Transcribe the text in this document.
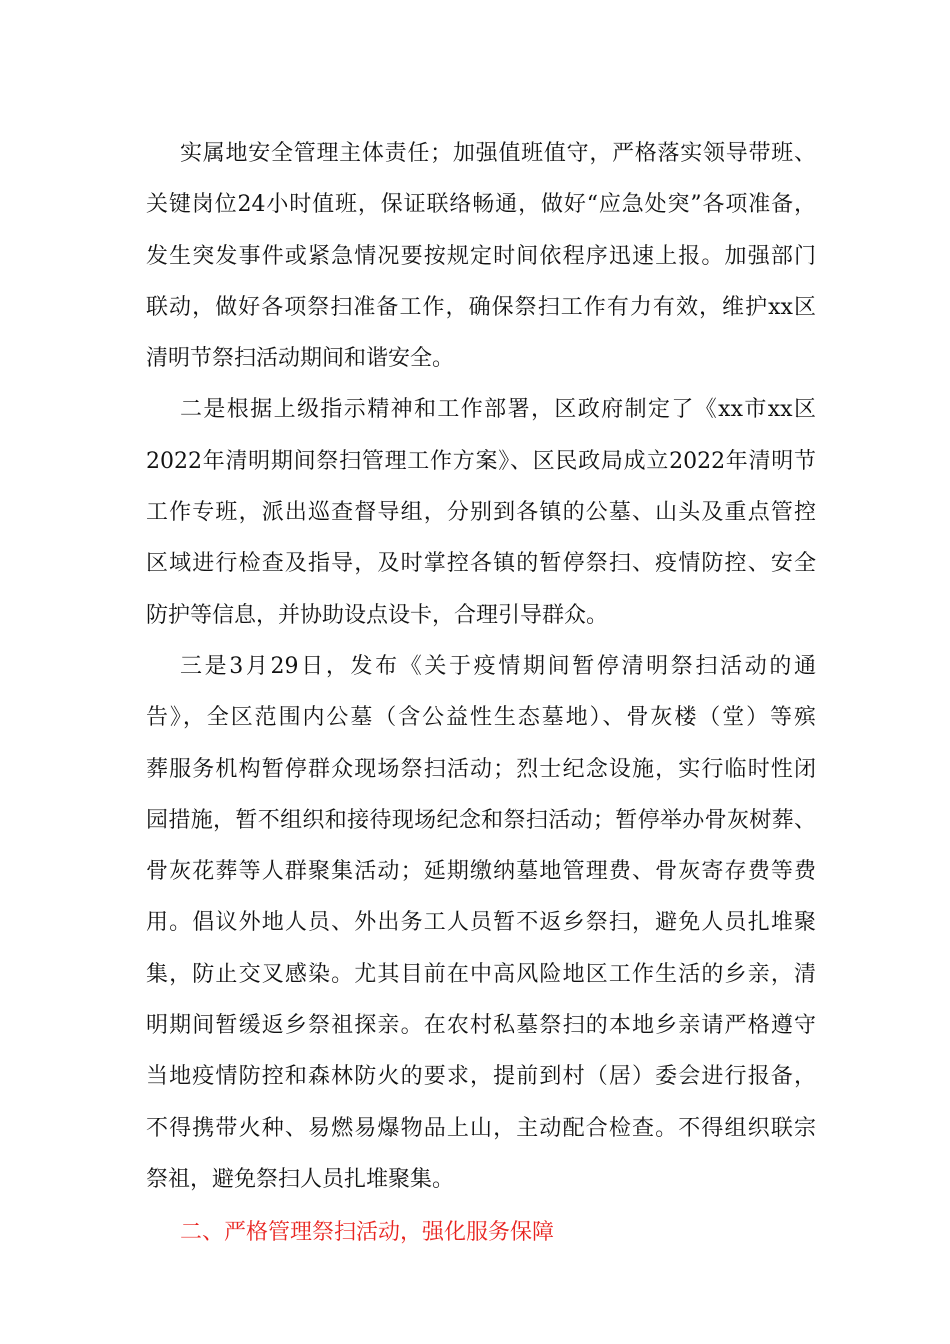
实属地安全管理主体责任；加强值班值守，严格落实领导带班、
关键岗位24小时值班，保证联络畅通，做好“应急处突”各项准备，
发生突发事件或紧急情况要按规定时间依程序迅速上报。加强部门
联动，做好各项祭扫准备工作，确保祭扫工作有力有效，维护xx区
清明节祭扫活动期间和谐安全。
二是根据上级指示精神和工作部署，区政府制定了《xx市xx区
2022年清明期间祭扫管理工作方案》、区民政局成立2022年清明节
工作专班，派出巡查督导组，分别到各镇的公墓、山头及重点管控
区域进行检查及指导，及时掌控各镇的暂停祭扫、疫情防控、安全
防护等信息，并协助设点设卡，合理引导群众。
三是3月29日，发布《关于疫情期间暂停清明祭扫活动的通
告》，全区范围内公墓（含公益性生态墓地）、骨灰楼（堂）等殡
葬服务机构暂停群众现场祭扫活动；烈士纪念设施，实行临时性闭
园措施，暂不组织和接待现场纪念和祭扫活动；暂停举办骨灰树葬、
骨灰花葬等人群聚集活动；延期缴纳墓地管理费、骨灰寄存费等费
用。倡议外地人员、外出务工人员暂不返乡祭扫，避免人员扎堆聚
集，防止交叉感染。尤其目前在中高风险地区工作生活的乡亲，清
明期间暂缓返乡祭祖探亲。在农村私墓祭扫的本地乡亲请严格遵守
当地疫情防控和森林防火的要求，提前到村（居）委会进行报备，
不得携带火种、易燃易爆物品上山，主动配合检查。不得组织联宗
祭祖，避免祭扫人员扎堆聚集。
二、严格管理祭扫活动，强化服务保障
